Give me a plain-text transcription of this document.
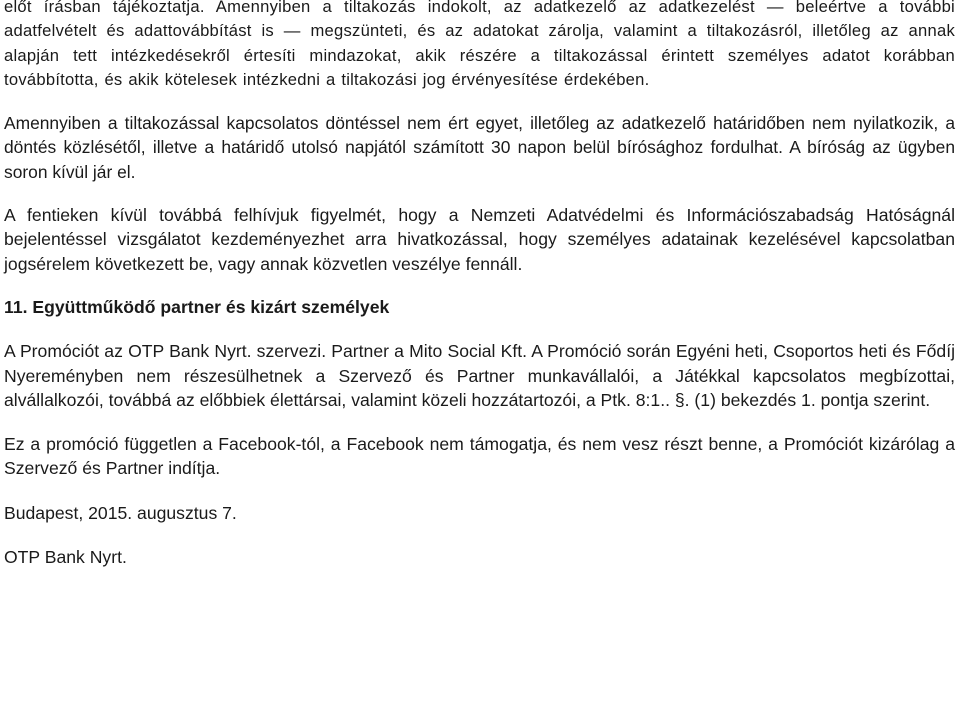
előt írásban tájékoztatja. Amennyiben a tiltakozás indokolt, az adatkezelő az adatkezelést — beleértve a további adatfelvételt és adattovábbítást is — megszünteti, és az adatokat zárolja, valamint a tiltakozásról, illetőleg az annak alapján tett intézkedésekről értesíti mindazokat, akik részére a tiltakozással érintett személyes adatot korábban továbbította, és akik kötelesek intézkedni a tiltakozási jog érvényesítése érdekében.

Amennyiben a tiltakozással kapcsolatos döntéssel nem ért egyet, illetőleg az adatkezelő határidőben nem nyilatkozik, a döntés közlésétől, illetve a határidő utolsó napjától számított 30 napon belül bírósághoz fordulhat. A bíróság az ügyben soron kívül jár el.

A fentieken kívül továbbá felhívjuk figyelmét, hogy a Nemzeti Adatvédelmi és Információszabadság Hatóságnál bejelentéssel vizsgálatot kezdeményezhet arra hivatkozással, hogy személyes adatainak kezelésével kapcsolatban jogsérelem következett be, vagy annak közvetlen veszélye fennáll.

11. Együttműködő partner és kizárt személyek

A Promóciót az OTP Bank Nyrt. szervezi. Partner a Mito Social Kft. A Promóció során Egyéni heti, Csoportos heti és Fődíj Nyereményben nem részesülhetnek a Szervező és Partner munkavállalói, a Játékkal kapcsolatos megbízottai, alvállalkozói, továbbá az előbbiek élettársai, valamint közeli hozzátartozói, a Ptk. 8:1.. §. (1) bekezdés 1. pontja szerint.

Ez a promóció független a Facebook-tól, a Facebook nem támogatja, és nem vesz részt benne, a Promóciót kizárólag a Szervező és Partner indítja.

Budapest, 2015. augusztus 7.

OTP Bank Nyrt.
